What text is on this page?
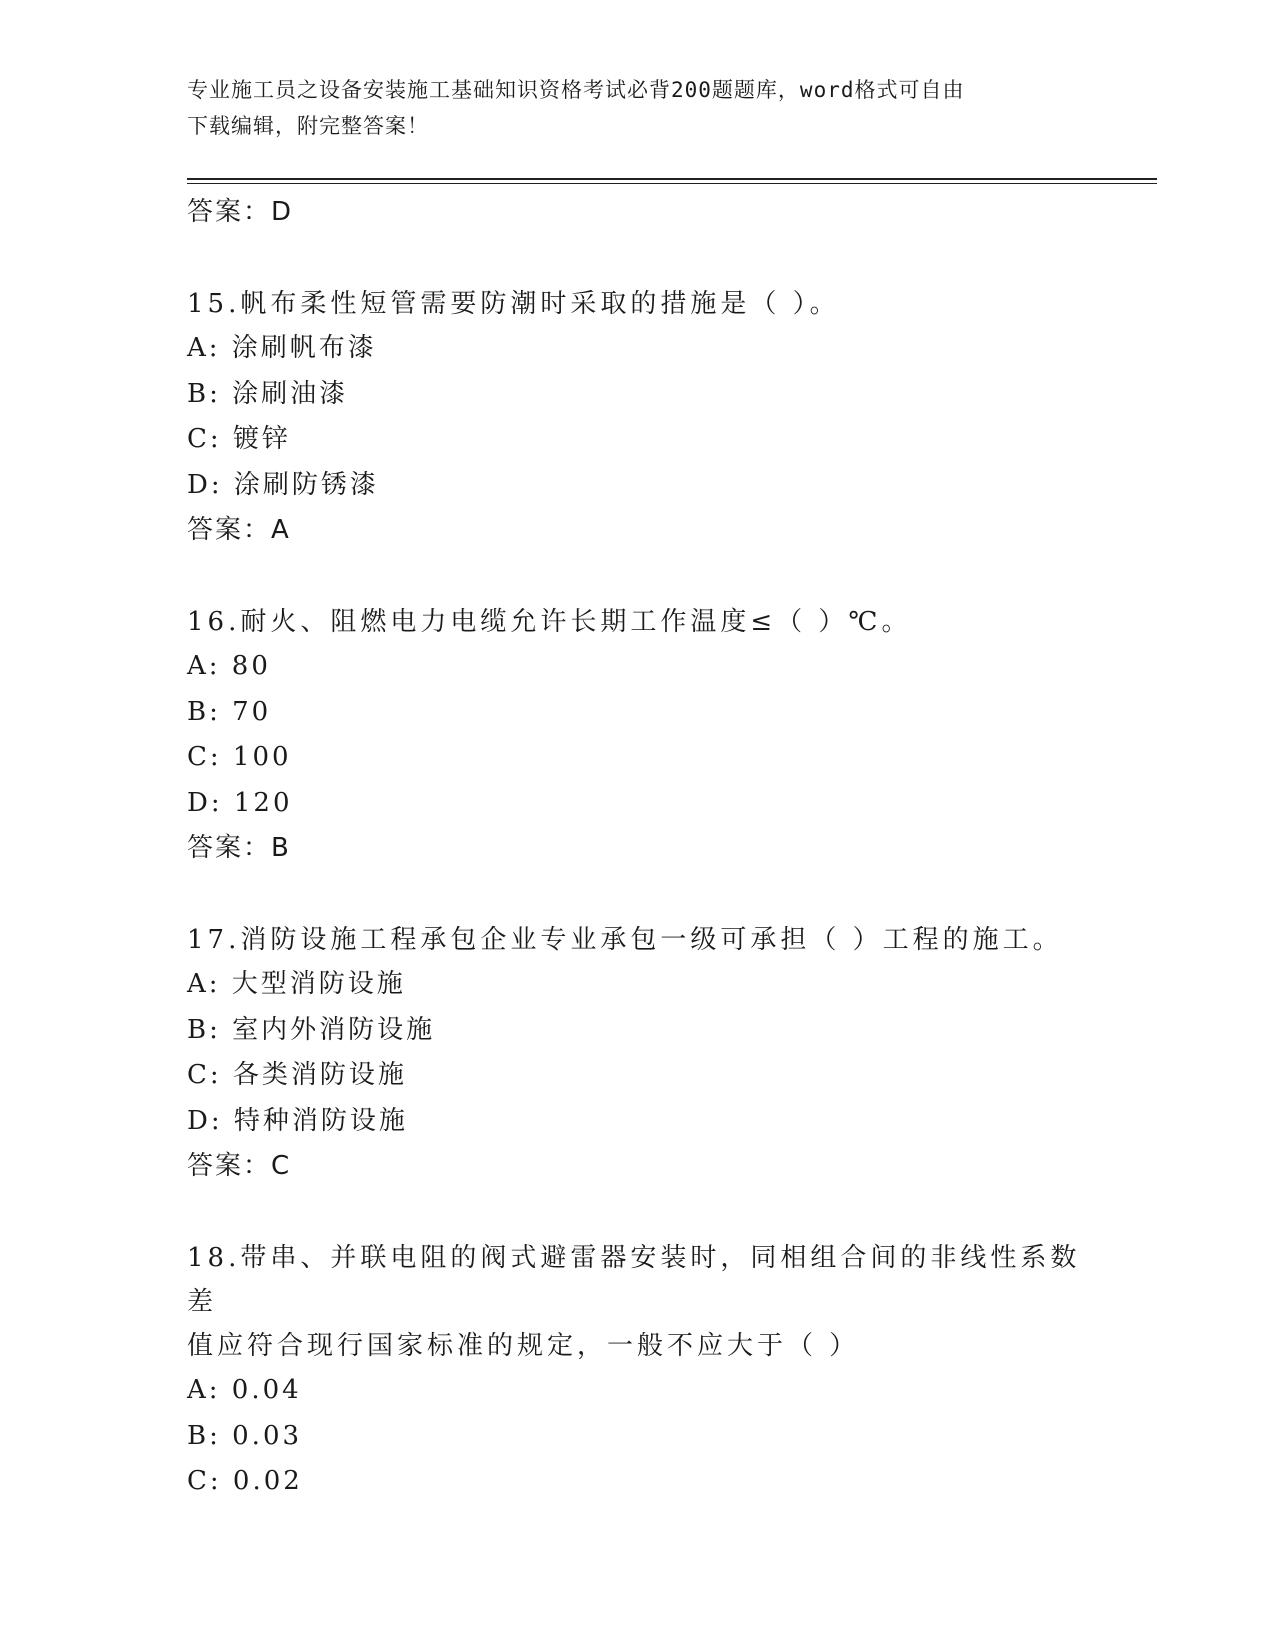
专业施工员之设备安装施工基础知识资格考试必背200题题库，word格式可自由
下载编辑，附完整答案！

答案：D

15.帆布柔性短管需要防潮时采取的措施是（ ）。

A: 涂刷帆布漆

B: 涂刷油漆

C: 镀锌

D: 涂刷防锈漆

答案：A

16.耐火、阻燃电力电缆允许长期工作温度≤（ ）℃。

A: 80

B: 70

C: 100

D: 120

答案：B

17.消防设施工程承包企业专业承包一级可承担（ ）工程的施工。

A: 大型消防设施

B: 室内外消防设施

C: 各类消防设施

D: 特种消防设施

答案：C

18.带串、并联电阻的阀式避雷器安装时，同相组合间的非线性系数差

值应符合现行国家标准的规定，一般不应大于（ ）

A: 0.04

B: 0.03

C: 0.02
